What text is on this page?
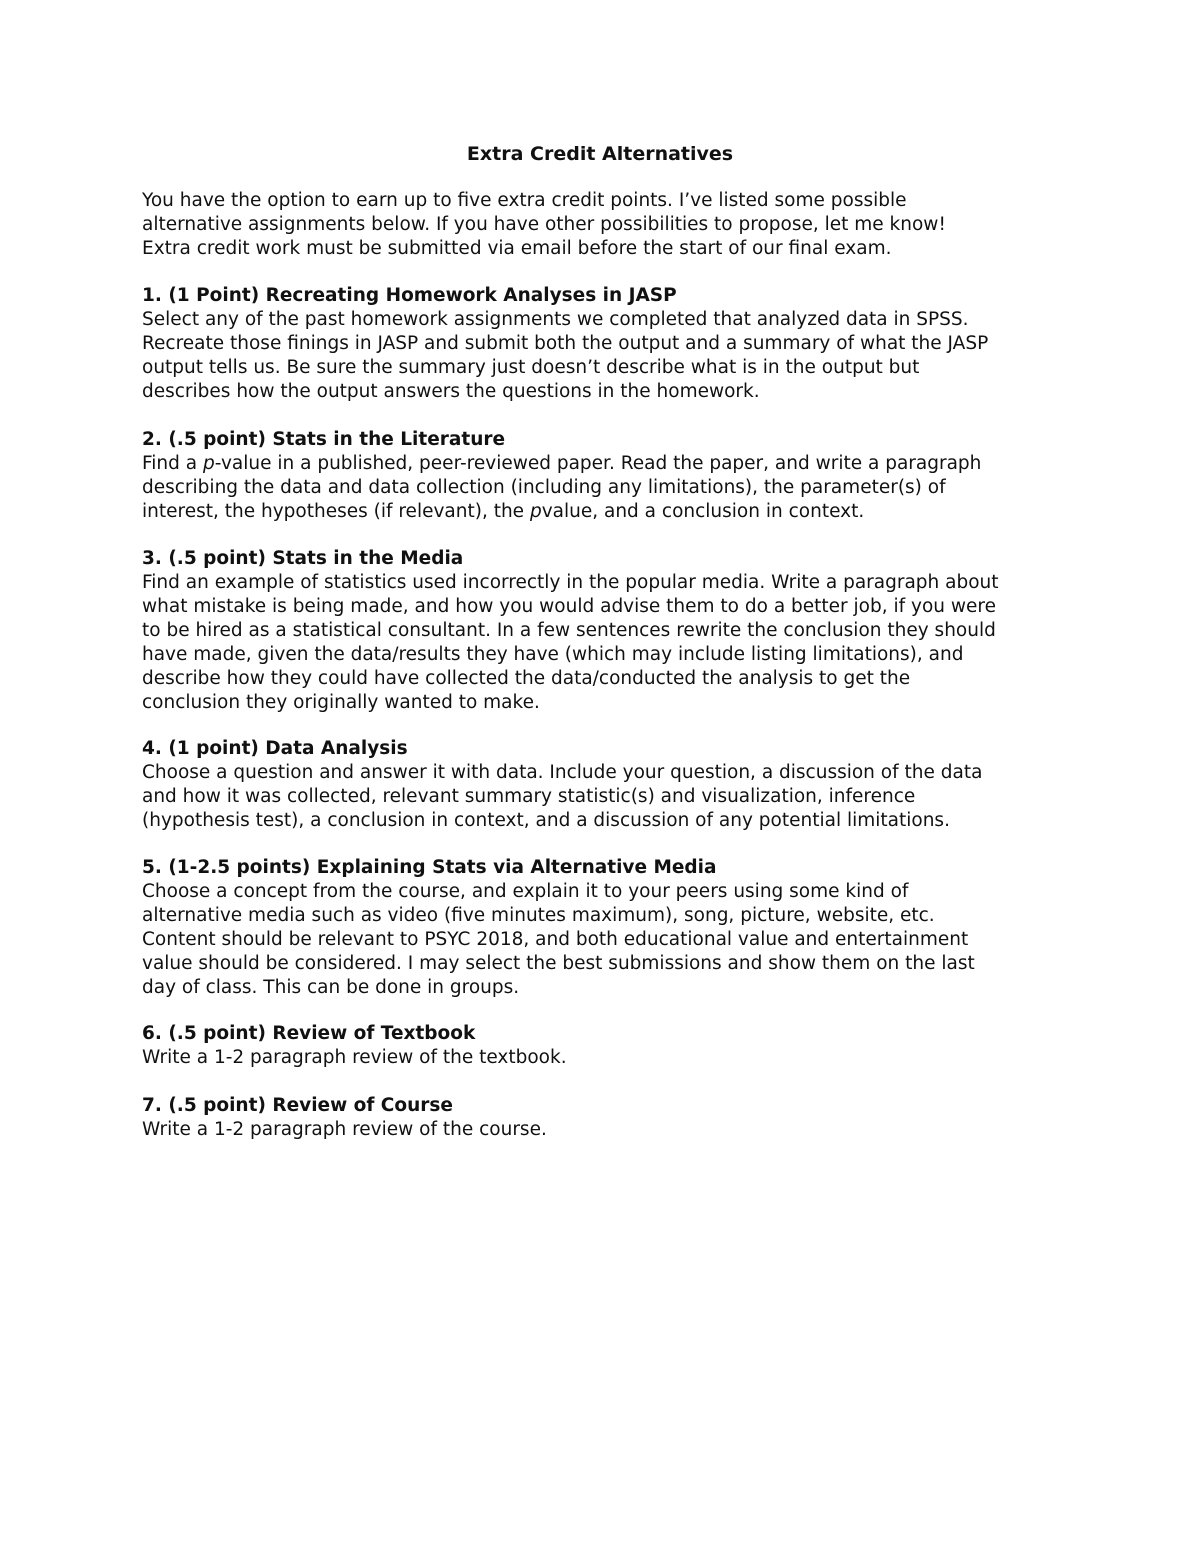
Extra Credit Alternatives
You have the option to earn up to five extra credit points. I’ve listed some possible
alternative assignments below. If you have other possibilities to propose, let me know!
Extra credit work must be submitted via email before the start of our final exam.
1. (1 Point) Recreating Homework Analyses in JASP
Select any of the past homework assignments we completed that analyzed data in SPSS.
Recreate those finings in JASP and submit both the output and a summary of what the JASP
output tells us. Be sure the summary just doesn’t describe what is in the output but
describes how the output answers the questions in the homework.
2. (.5 point) Stats in the Literature
Find a p-value in a published, peer-reviewed paper. Read the paper, and write a paragraph
describing the data and data collection (including any limitations), the parameter(s) of
interest, the hypotheses (if relevant), the pvalue, and a conclusion in context.
3. (.5 point) Stats in the Media
Find an example of statistics used incorrectly in the popular media. Write a paragraph about
what mistake is being made, and how you would advise them to do a better job, if you were
to be hired as a statistical consultant. In a few sentences rewrite the conclusion they should
have made, given the data/results they have (which may include listing limitations), and
describe how they could have collected the data/conducted the analysis to get the
conclusion they originally wanted to make.
4. (1 point) Data Analysis
Choose a question and answer it with data. Include your question, a discussion of the data
and how it was collected, relevant summary statistic(s) and visualization, inference
(hypothesis test), a conclusion in context, and a discussion of any potential limitations.
5. (1-2.5 points) Explaining Stats via Alternative Media
Choose a concept from the course, and explain it to your peers using some kind of
alternative media such as video (five minutes maximum), song, picture, website, etc.
Content should be relevant to PSYC 2018, and both educational value and entertainment
value should be considered. I may select the best submissions and show them on the last
day of class. This can be done in groups.
6. (.5 point) Review of Textbook
Write a 1-2 paragraph review of the textbook.
7. (.5 point) Review of Course
Write a 1-2 paragraph review of the course.
